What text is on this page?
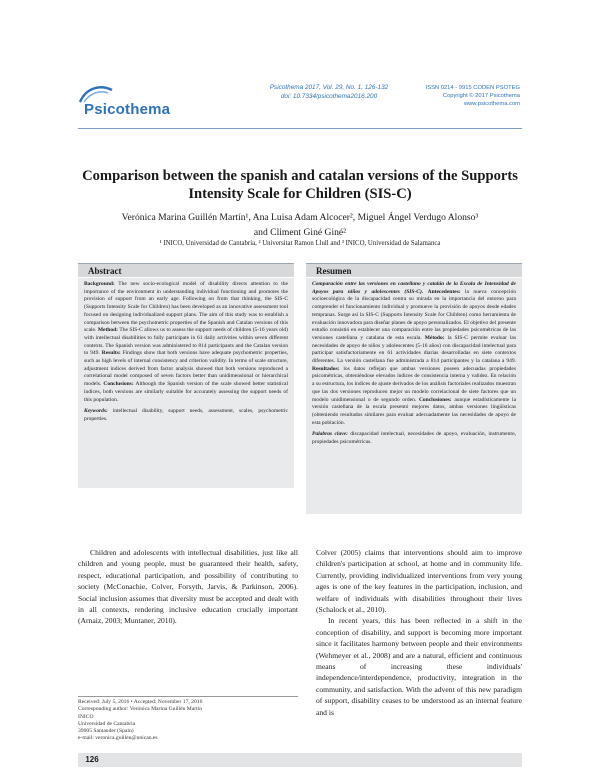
Psicothema
Psicothema 2017, Vol. 29, No. 1, 126-132
doi: 10.7334/psicothema2016.200
ISSN 0214 - 9915 CODEN PSOTEG
Copyright © 2017 Psicothema
www.psicothema.com
Comparison between the spanish and catalan versions of the Supports Intensity Scale for Children (SIS-C)
Verónica Marina Guillén Martín¹, Ana Luisa Adam Alcocer², Miguel Ángel Verdugo Alonso³
and Climent Giné Giné²
¹ INICO, Universidad de Cantabria, ² Universitat Ramon Llull and ³ INICO, Universidad de Salamanca
Abstract
Background: The new socio-ecological model of disability directs attention to the importance of the environment in understanding individual functioning and promotes the provision of support from an early age. Following on from that thinking, the SIS-C (Supports Intensity Scale for Children) has been developed as an innovative assessment tool focused on designing individualized support plans. The aim of this study was to establish a comparison between the psychometric properties of the Spanish and Catalan versions of this scale. Method: The SIS-C allows us to assess the support needs of children (5-16 years old) with intellectual disabilities to fully participate in 61 daily activities within seven different contexts. The Spanish version was administered to 814 participants and the Catalan version to 949. Results: Findings show that both versions have adequate psychometric properties, such as high levels of internal consistency and criterion validity. In terms of scale structure, adjustment indices derived from factor analysis showed that both versions reproduced a correlational model composed of seven factors better than unidimensional or hierarchical models. Conclusions: Although the Spanish version of the scale showed better statistical indices, both versions are similarly suitable for accurately assessing the support needs of this population.
Keywords: intellectual disability, support needs, assessment, scales, psychometric properties.
Resumen
Comparación entre las versiones en castellano y catalán de la Escala de Intensidad de Apoyos para niños y adolescentes (SIS-C). Antecedentes: la nueva concepción socioecológica de la discapacidad centra su mirada en la importancia del entorno para comprender el funcionamiento individual y promueve la provisión de apoyos desde edades tempranas. Surge así la SIS-C (Supports Intensity Scale for Children) como herramienta de evaluación innovadora para diseñar planes de apoyo personalizados. El objetivo del presente estudio consistió en establecer una comparación entre las propiedades psicométricas de las versiones castellana y catalana de esta escala. Método: la SIS-C permite evaluar las necesidades de apoyo de niños y adolescentes (5-16 años) con discapacidad intelectual para participar satisfactoriamente en 61 actividades diarias desarrolladas en siete contextos diferentes. La versión castellana fue administrada a 814 participantes y la catalana a 949. Resultados: los datos reflejan que ambas versiones poseen adecuadas propiedades psicométricas, obteniéndose elevados índices de consistencia interna y validez. En relación a su estructura, los índices de ajuste derivados de los análisis factoriales realizados muestran que las dos versiones reproducen mejor un modelo correlacional de siete factores que un modelo unidimensional o de segundo orden. Conclusiones: aunque estadísticamente la versión castellana de la escala presentó mejores datos, ambas versiones lingüísticas (obteniendo resultados similares para evaluar adecuadamente las necesidades de apoyo de esta población.
Palabras clave: discapacidad intelectual, necesidades de apoyo, evaluación, instrumento, propiedades psicométricas.

Children and adolescents with intellectual disabilities, just like all children and young people, must be guaranteed their health, safety, respect, educational participation, and possibility of contributing to society (McConachie, Colver, Forsyth, Jarvis, & Parkinson, 2006). Social inclusion assumes that diversity must be accepted and dealt with in all contexts, rendering inclusive education crucially important (Arnaiz, 2003; Muntaner, 2010).

Colver (2005) claims that interventions should aim to improve children's participation at school, at home and in community life. Currently, providing individualized interventions from very young ages is one of the key features in the participation, inclusion, and welfare of individuals with disabilities throughout their lives (Schalock et al., 2010).

In recent years, this has been reflected in a shift in the conception of disability, and support is becoming more important since it facilitates harmony between people and their environments (Wehmeyer et al., 2008) and are a natural, efficient and continuous means of increasing these individuals' independence/interdependence, productivity, integration in the community, and satisfaction. With the advent of this new paradigm of support, disability ceases to be understood as an internal feature and is

Received: July 5, 2016 • Accepted: November 17, 2016
Corresponding author: Verónica Marina Guillén Martín
INICO
Universidad de Cantabria
39005 Santander (Spain)
e-mail: veronica.guillen@unican.es
126
